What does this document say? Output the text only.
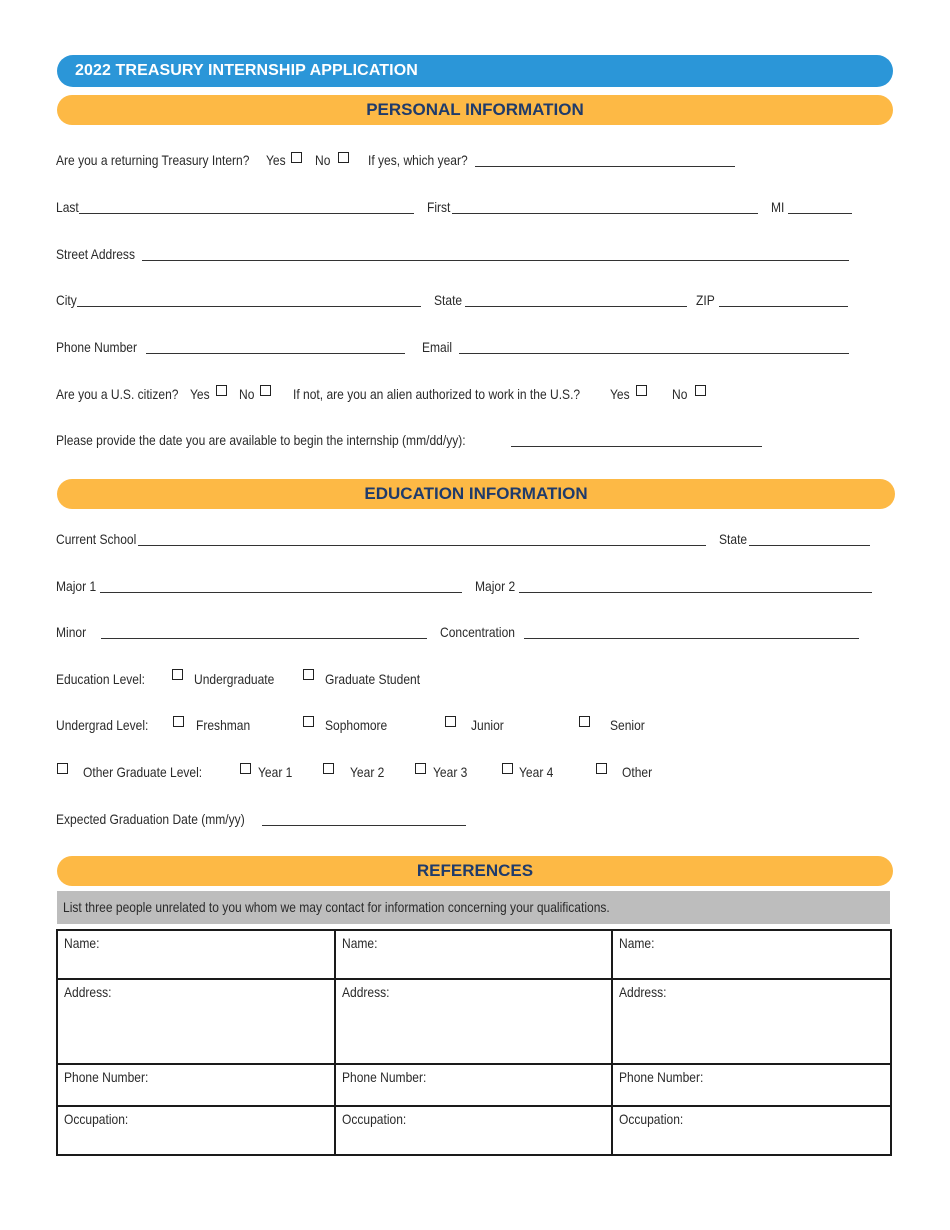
2022 TREASURY INTERNSHIP APPLICATION
PERSONAL INFORMATION
Are you a returning Treasury Intern? Yes No	If yes, which year?
Last	First	MI
Street Address
City	State	ZIP
Phone Number	Email
Are you a U.S. citizen? Yes No	If not, are you an alien authorized to work in the U.S.? Yes	No
Please provide the date you are available to begin the internship (mm/dd/yy):
EDUCATION INFORMATION
Current School	State
Major 1	Major 2
Minor	Concentration
Education Level:	Undergraduate	Graduate Student
Undergrad Level:	Freshman	Sophomore	Junior	Senior
Other Graduate Level:	Year 1	Year 2	Year 3	Year 4	Other
Expected Graduation Date (mm/yy)
REFERENCES
List three people unrelated to you whom we may contact for information concerning your qualifications.
Name:	Name:	Name:
Address:	Address:	Address:
Phone Number:	Phone Number:	Phone Number:
Occupation:	Occupation:	Occupation:
